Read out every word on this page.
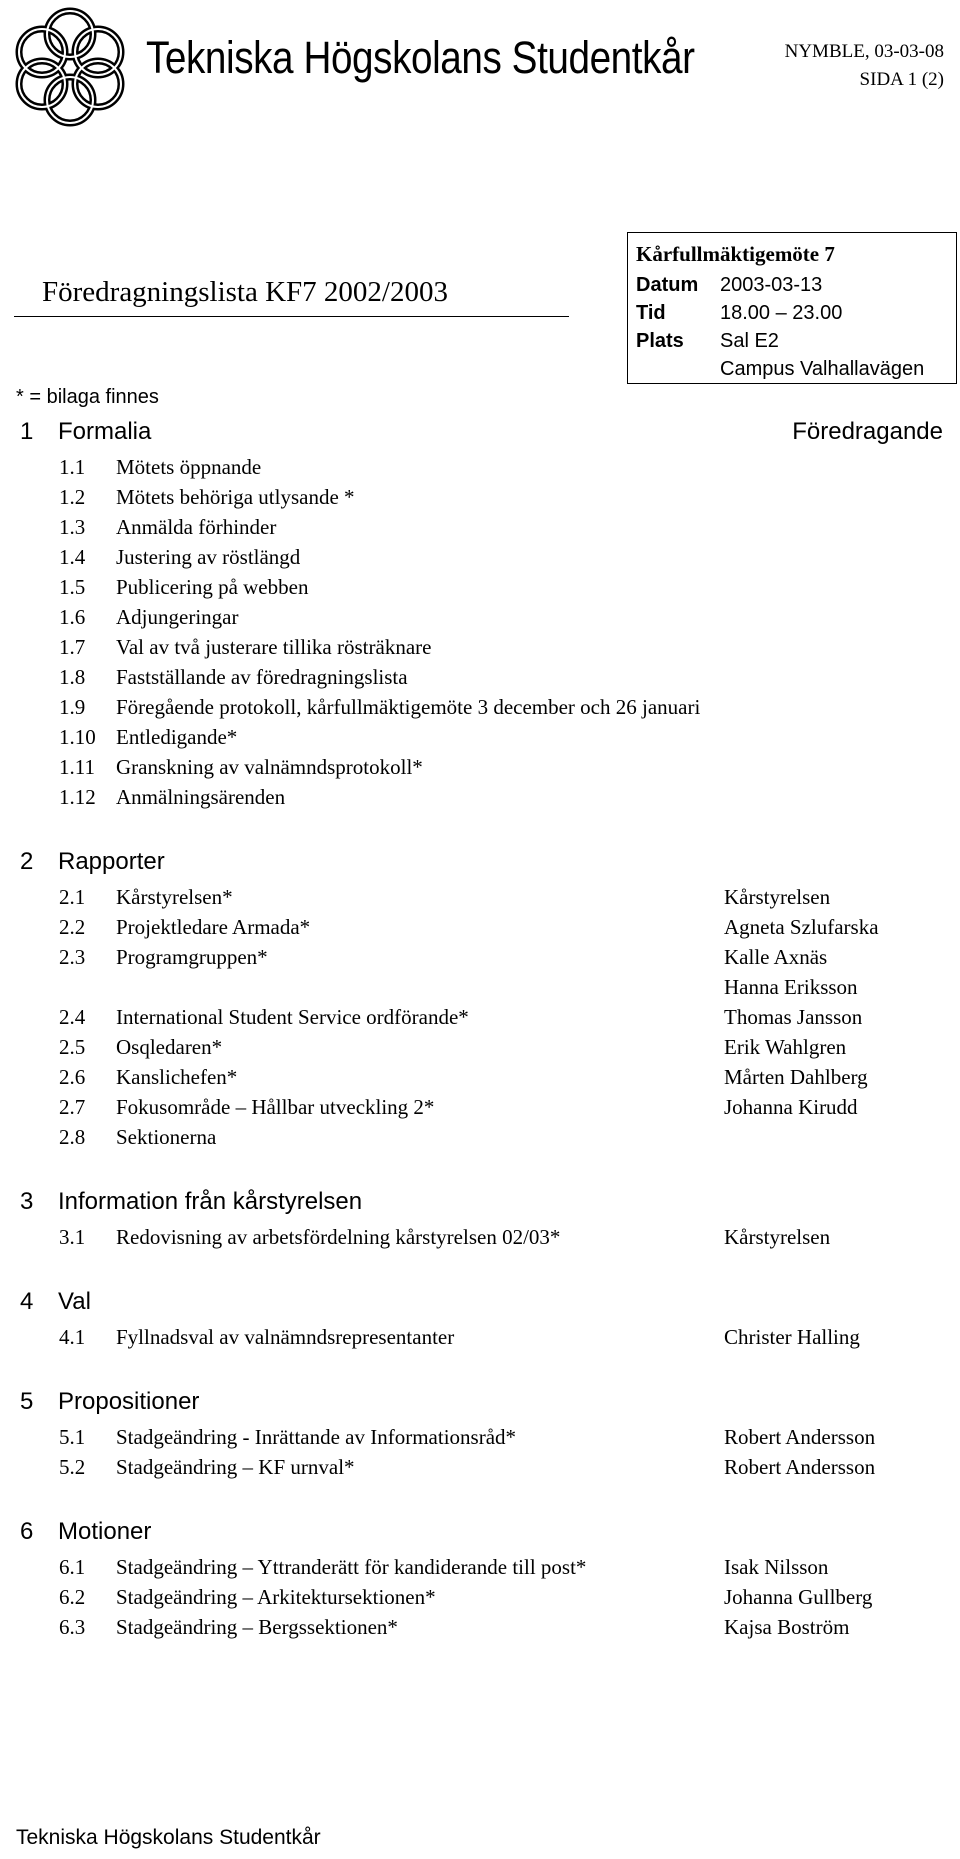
Tekniska Högskolans Studentkår	NYMBLE, 03-03-08
SIDA 1 (2)
Föredragningslista KF7 2002/2003
Kårfullmäktigemöte 7
Datum	2003-03-13
Tid	18.00 – 23.00
Plats	Sal E2
Campus Valhallavägen
* = bilaga finnes
1	Formalia	Föredragande
1.1	Mötets öppnande
1.2	Mötets behöriga utlysande *
1.3	Anmälda förhinder
1.4	Justering av röstlängd
1.5	Publicering på webben
1.6	Adjungeringar
1.7	Val av två justerare tillika rösträknare
1.8	Fastställande av föredragningslista
1.9	Föregående protokoll, kårfullmäktigemöte 3 december och 26 januari
1.10 Entledigande*
1.11	Granskning av valnämndsprotokoll*
1.12 Anmälningsärenden
2	Rapporter
2.1	Kårstyrelsen*	Kårstyrelsen
2.2	Projektledare Armada*	Agneta Szlufarska
2.3	Programgruppen*	Kalle Axnäs
Hanna Eriksson
2.4	International Student Service ordförande*	Thomas Jansson
2.5	Osqledaren*	Erik Wahlgren
2.6	Kanslichefen*	Mårten Dahlberg
2.7	Fokusområde – Hållbar utveckling 2*	Johanna Kirudd
2.8	Sektionerna
3	Information från kårstyrelsen
3.1	Redovisning av arbetsfördelning kårstyrelsen 02/03*	Kårstyrelsen
4	Val
4.1	Fyllnadsval av valnämndsrepresentanter	Christer Halling
5	Propositioner
5.1	Stadgeändring - Inrättande av Informationsråd*	Robert Andersson
5.2	Stadgeändring – KF urnval*	Robert Andersson
6	Motioner
6.1	Stadgeändring – Yttranderätt för kandiderande till post*	Isak Nilsson
6.2	Stadgeändring – Arkitektursektionen*	Johanna Gullberg
6.3	Stadgeändring – Bergssektionen*	Kajsa Boström
Tekniska Högskolans Studentkår
